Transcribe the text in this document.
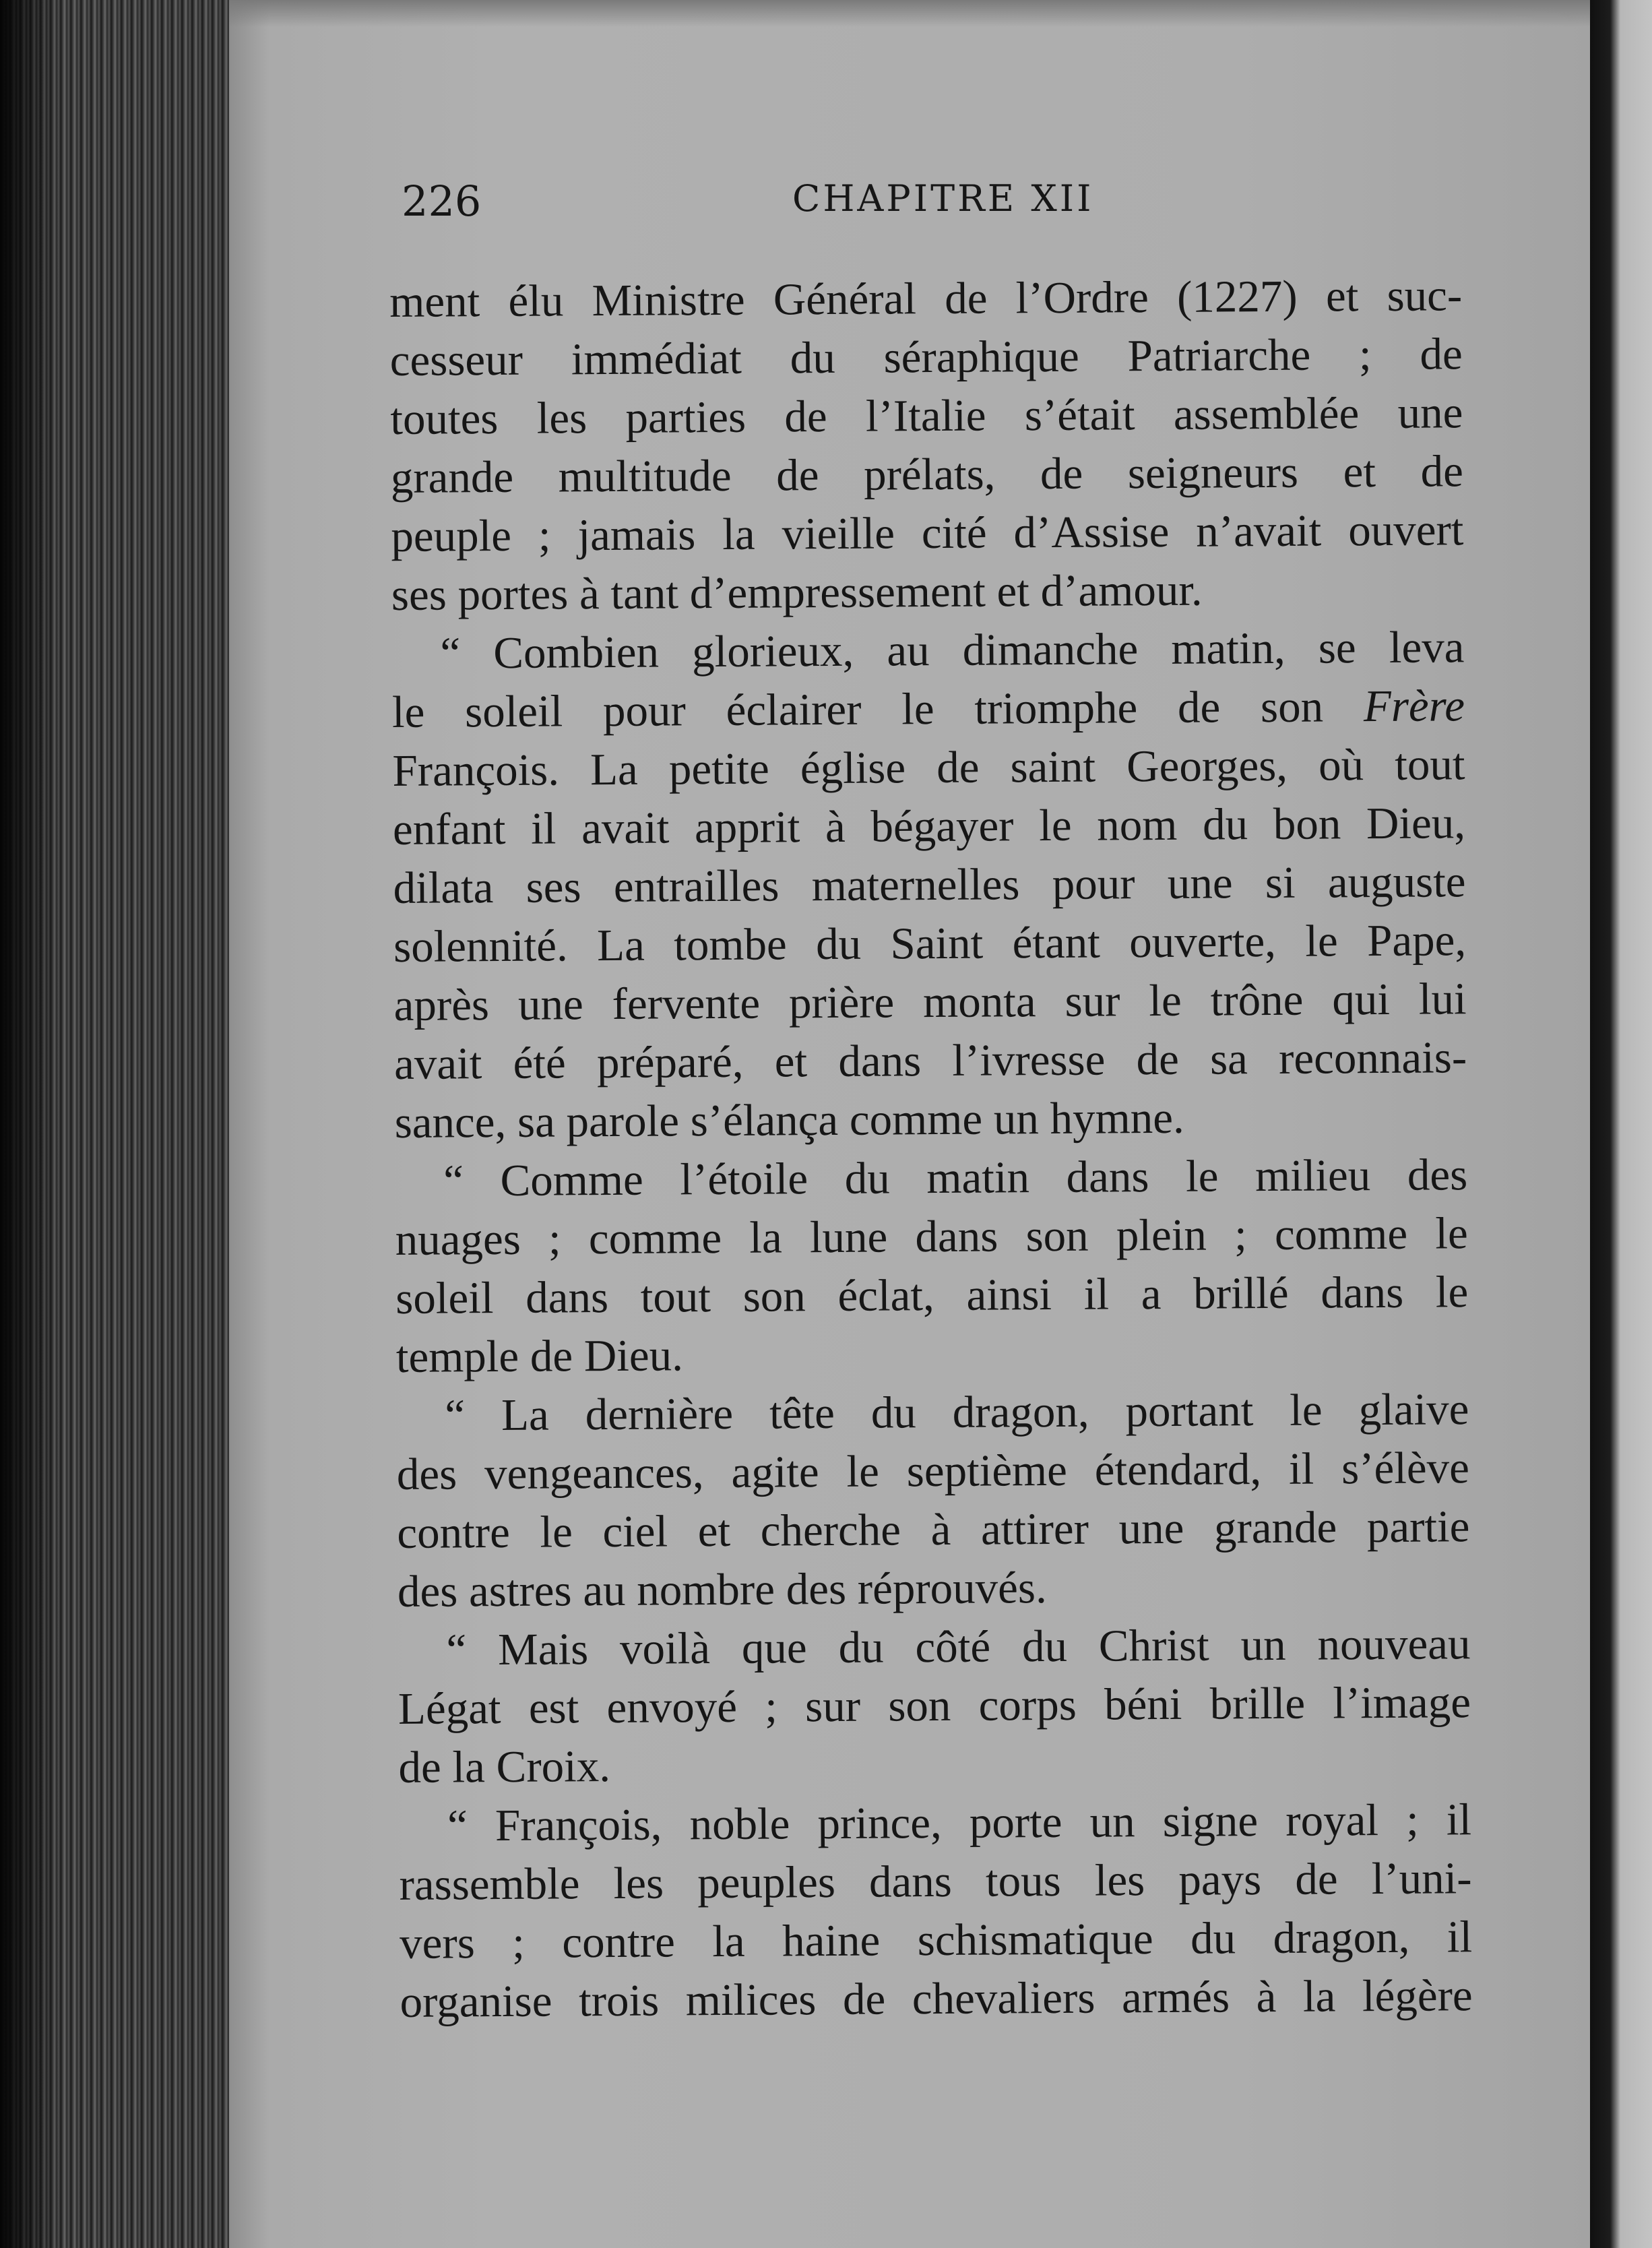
226	CHAPITRE XII
ment élu Ministre Général de l’Ordre (1227) et suc-
cesseur immédiat du séraphique Patriarche ; de
toutes les parties de l’Italie s’était assemblée une
grande multitude de prélats, de seigneurs et de
peuple ; jamais la vieille cité d’Assise n’avait ouvert
ses portes à tant d’empressement et d’amour.
“ Combien glorieux, au dimanche matin, se leva
le soleil pour éclairer le triomphe de son Frère
François. La petite église de saint Georges, où tout
enfant il avait apprit à bégayer le nom du bon Dieu,
dilata ses entrailles maternelles pour une si auguste
solennité. La tombe du Saint étant ouverte, le Pape,
après une fervente prière monta sur le trône qui lui
avait été préparé, et dans l’ivresse de sa reconnais-
sance, sa parole s’élança comme un hymne.
“ Comme l’étoile du matin dans le milieu des
nuages ; comme la lune dans son plein ; comme le
soleil dans tout son éclat, ainsi il a brillé dans le
temple de Dieu.
“ La dernière tête du dragon, portant le glaive
des vengeances, agite le septième étendard, il s’élève
contre le ciel et cherche à attirer une grande partie
des astres au nombre des réprouvés.
“ Mais voilà que du côté du Christ un nouveau
Légat est envoyé ; sur son corps béni brille l’image
de la Croix.
“ François, noble prince, porte un signe royal ; il
rassemble les peuples dans tous les pays de l’uni-
vers ; contre la haine schismatique du dragon, il
organise trois milices de chevaliers armés à la légère
